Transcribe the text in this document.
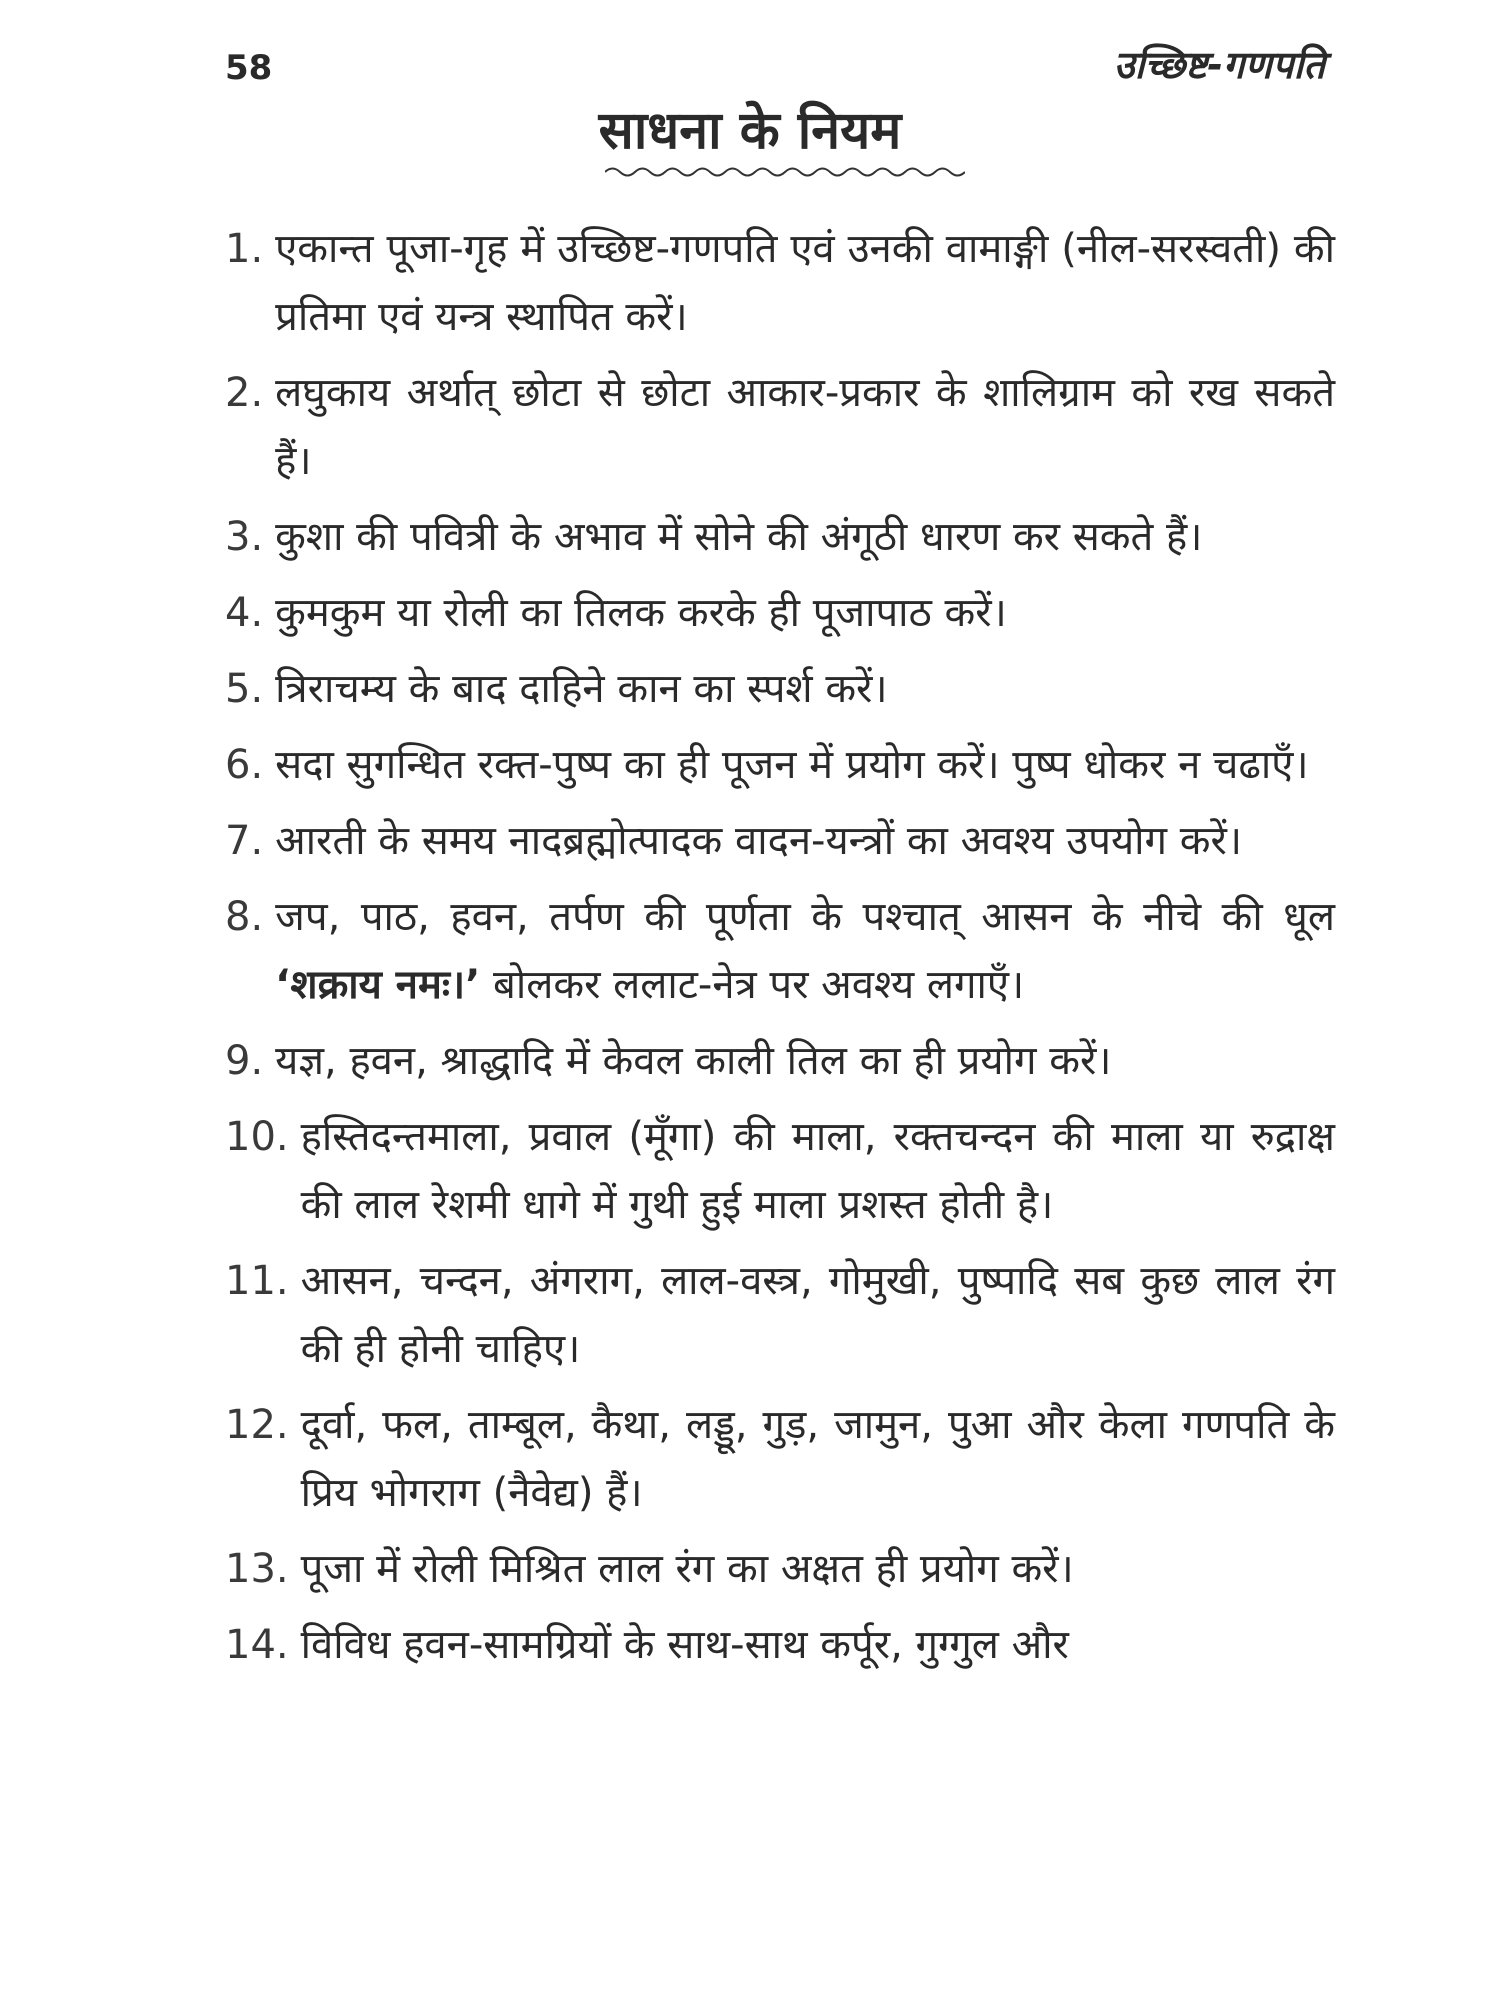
58	उच्छिष्ट-गणपति

साधना के नियम
1. एकान्त पूजा-गृह में उच्छिष्ट-गणपति एवं उनकी वामाङ्गी (नील-सरस्वती) की प्रतिमा एवं यन्त्र स्थापित करें।
2. लघुकाय अर्थात् छोटा से छोटा आकार-प्रकार के शालिग्राम को रख सकते हैं।
3. कुशा की पवित्री के अभाव में सोने की अंगूठी धारण कर सकते हैं।
4. कुमकुम या रोली का तिलक करके ही पूजापाठ करें।
5. त्रिराचम्य के बाद दाहिने कान का स्पर्श करें।
6. सदा सुगन्धित रक्त-पुष्प का ही पूजन में प्रयोग करें। पुष्प धोकर न चढाएँ।
7. आरती के समय नादब्रह्मोत्पादक वादन-यन्त्रों का अवश्य उपयोग करें।
8. जप, पाठ, हवन, तर्पण की पूर्णता के पश्चात् आसन के नीचे की धूल ‘शक्राय नमः।’ बोलकर ललाट-नेत्र पर अवश्य लगाएँ।
9. यज्ञ, हवन, श्राद्धादि में केवल काली तिल का ही प्रयोग करें।
10. हस्तिदन्तमाला, प्रवाल (मूँगा) की माला, रक्तचन्दन की माला या रुद्राक्ष की लाल रेशमी धागे में गुथी हुई माला प्रशस्त होती है।
11. आसन, चन्दन, अंगराग, लाल-वस्त्र, गोमुखी, पुष्पादि सब कुछ लाल रंग की ही होनी चाहिए।
12. दूर्वा, फल, ताम्बूल, कैथा, लड्डू, गुड़, जामुन, पुआ और केला गणपति के प्रिय भोगराग (नैवेद्य) हैं।
13. पूजा में रोली मिश्रित लाल रंग का अक्षत ही प्रयोग करें।
14. विविध हवन-सामग्रियों के साथ-साथ कर्पूर, गुग्गुल और
